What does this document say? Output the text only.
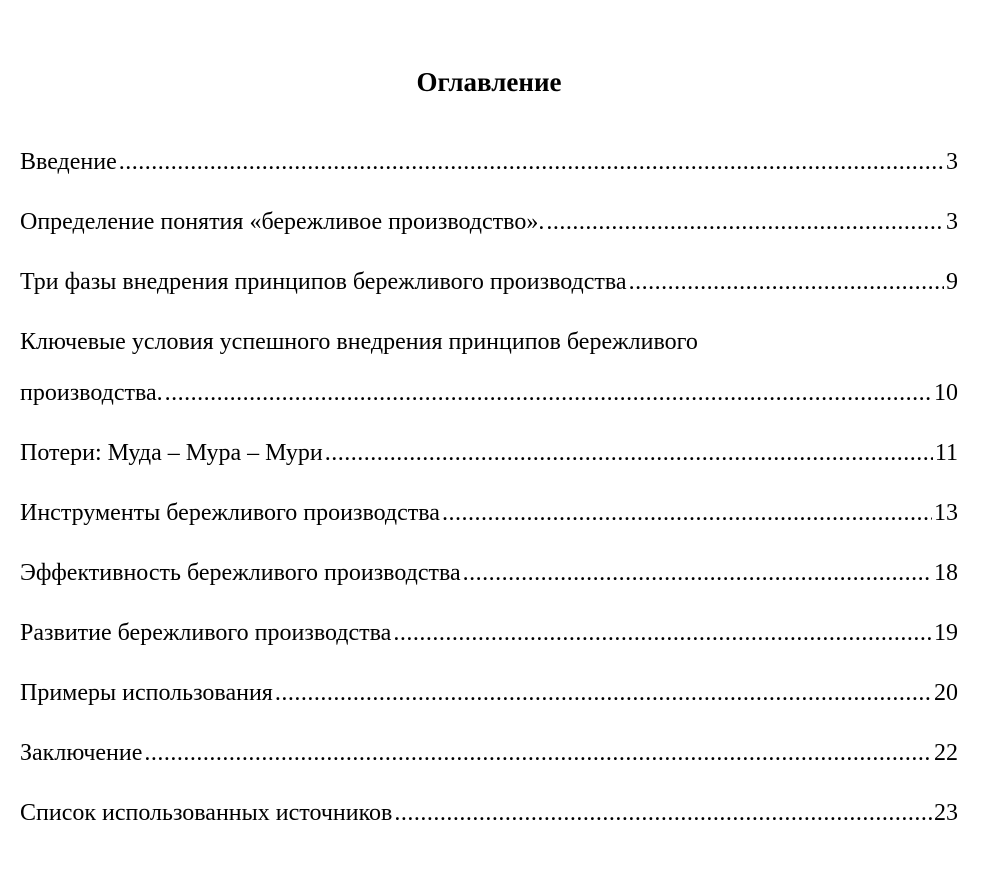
Оглавление
Введение .....	3
Определение понятия «бережливое производство». .....	3
Три фазы внедрения принципов бережливого производства .....	9
Ключевые условия успешного внедрения принципов бережливого
производства. .....	10
Потери: Муда – Мура – Мури .....	11
Инструменты бережливого производства .....	13
Эффективность бережливого производства .....	18
Развитие бережливого производства .....	19
Примеры использования .....	20
Заключение .....	22
Список использованных источников .....	23
